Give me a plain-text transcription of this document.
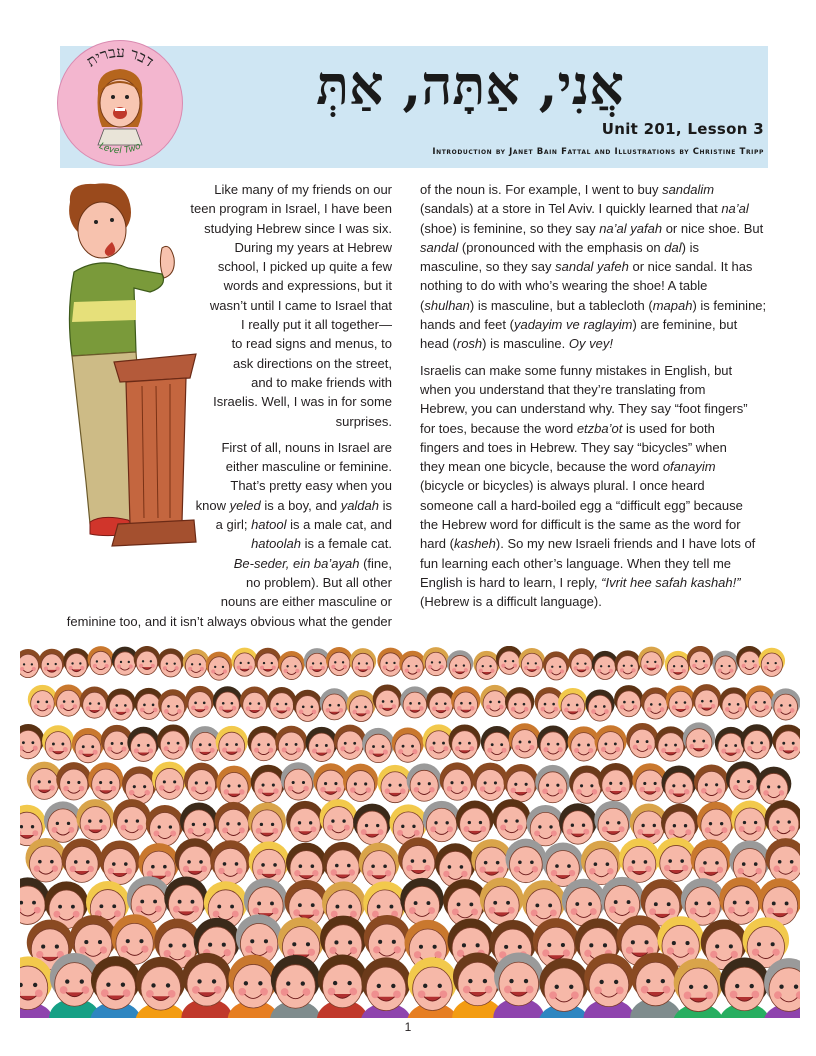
דבר עברית
Level Two
אֲנִי, אַתָּה, אַתְּ
Unit 201, Lesson 3
Introduction by Janet Bain Fattal and Illustrations by Christine Tripp

Like many of my friends on our
teen program in Israel, I have been
studying Hebrew since I was six.
During my years at Hebrew
school, I picked up quite a few
words and expressions, but it
wasn’t until I came to Israel that
I really put it all together—
to read signs and menus, to
ask directions on the street,
and to make friends with
Israelis. Well, I was in for some
surprises.

First of all, nouns in Israel are
either masculine or feminine.
That’s pretty easy when you
know yeled is a boy, and yaldah is
a girl; hatool is a male cat, and
hatoolah is a female cat.
Be-seder, ein ba’ayah (fine,
no problem). But all other
nouns are either masculine or
feminine too, and it isn’t always obvious what the gender

of the noun is. For example, I went to buy sandalim
(sandals) at a store in Tel Aviv. I quickly learned that na’al
(shoe) is feminine, so they say na’al yafah or nice shoe. But
sandal (pronounced with the emphasis on dal) is
masculine, so they say sandal yafeh or nice sandal. It has
nothing to do with who’s wearing the shoe! A table
(shulhan) is masculine, but a tablecloth (mapah) is feminine;
hands and feet (yadayim ve raglayim) are feminine, but
head (rosh) is masculine. Oy vey!

Israelis can make some funny mistakes in English, but
when you understand that they’re translating from
Hebrew, you can understand why. They say “foot fingers”
for toes, because the word etzba’ot is used for both
fingers and toes in Hebrew. They say “bicycles” when
they mean one bicycle, because the word ofanayim
(bicycle or bicycles) is always plural. I once heard
someone call a hard-boiled egg a “difficult egg” because
the Hebrew word for difficult is the same as the word for
hard (kasheh). So my new Israeli friends and I have lots of
fun learning each other’s language. When they tell me
English is hard to learn, I reply, “Ivrit hee safah kashah!”
(Hebrew is a difficult language).

1
